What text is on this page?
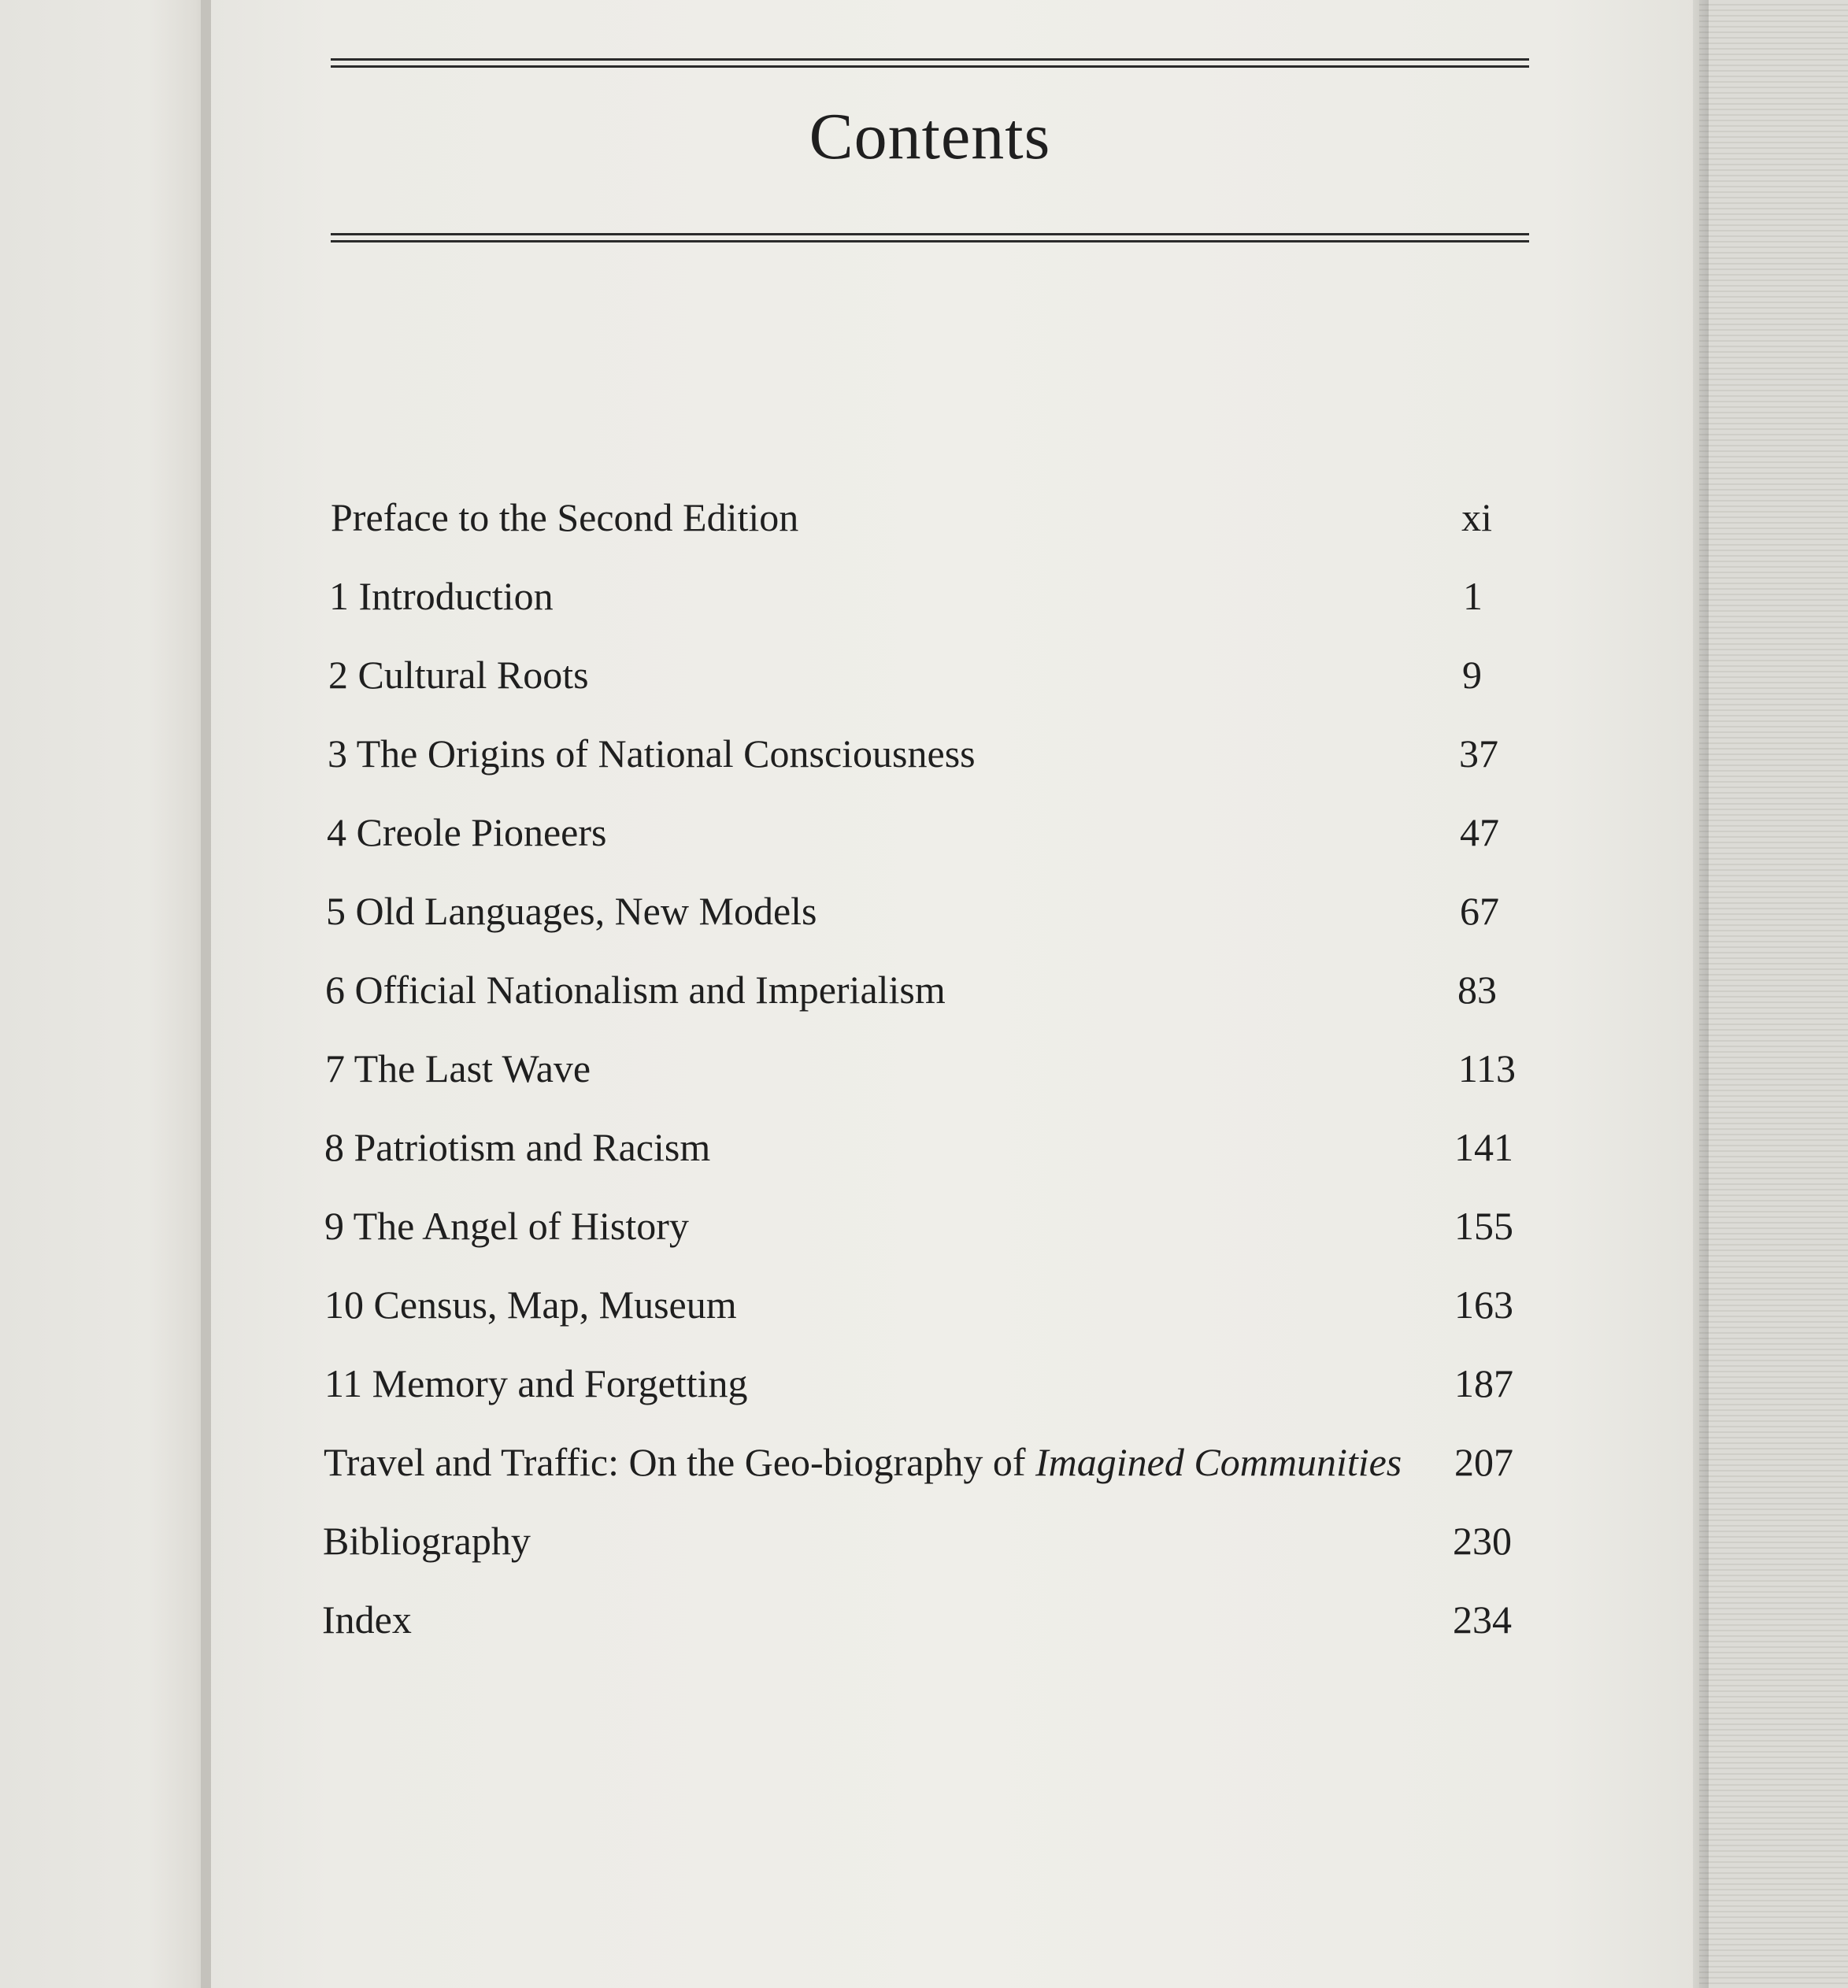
Contents
Preface to the Second Edition	xi
1 Introduction	1
2 Cultural Roots	9
3 The Origins of National Consciousness	37
4 Creole Pioneers	47
5 Old Languages, New Models	67
6 Official Nationalism and Imperialism	83
7 The Last Wave	113
8 Patriotism and Racism	141
9 The Angel of History	155
10 Census, Map, Museum	163
11 Memory and Forgetting	187
Travel and Traffic: On the Geo-biography of Imagined Communities 207
Bibliography	230
Index	234
